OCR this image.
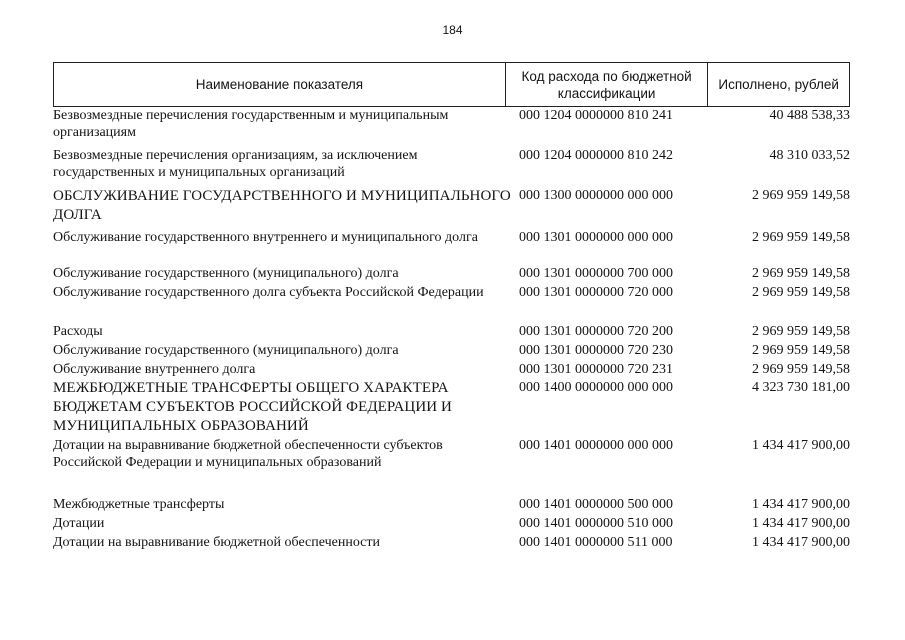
184
Наименование показателя
Код расхода по бюджетной классификации
Исполнено, рублей
Безвозмездные перечисления государственным и муниципальным организациям
000 1204 0000000 810 241	40 488 538,33
Безвозмездные перечисления организациям, за исключением государственных и муниципальных организаций
000 1204 0000000 810 242	48 310 033,52
ОБСЛУЖИВАНИЕ ГОСУДАРСТВЕННОГО И МУНИЦИПАЛЬНОГО ДОЛГА
000 1300 0000000 000 000	2 969 959 149,58
Обслуживание государственного внутреннего и муниципального долга	000 1301 0000000 000 000	2 969 959 149,58
Обслуживание государственного (муниципального) долга	000 1301 0000000 700 000	2 969 959 149,58
Обслуживание государственного долга субъекта Российской Федерации	000 1301 0000000 720 000	2 969 959 149,58
Расходы	000 1301 0000000 720 200	2 969 959 149,58
Обслуживание государственного (муниципального) долга	000 1301 0000000 720 230	2 969 959 149,58
Обслуживание внутреннего долга	000 1301 0000000 720 231	2 969 959 149,58
МЕЖБЮДЖЕТНЫЕ ТРАНСФЕРТЫ ОБЩЕГО ХАРАКТЕРА БЮДЖЕТАМ СУБЪЕКТОВ РОССИЙСКОЙ ФЕДЕРАЦИИ И МУНИЦИПАЛЬНЫХ ОБРАЗОВАНИЙ
000 1400 0000000 000 000	4 323 730 181,00
Дотации на выравнивание бюджетной обеспеченности субъектов Российской Федерации и муниципальных образований
000 1401 0000000 000 000	1 434 417 900,00
Межбюджетные трансферты	000 1401 0000000 500 000	1 434 417 900,00
Дотации	000 1401 0000000 510 000	1 434 417 900,00
Дотации на выравнивание бюджетной обеспеченности	000 1401 0000000 511 000	1 434 417 900,00
